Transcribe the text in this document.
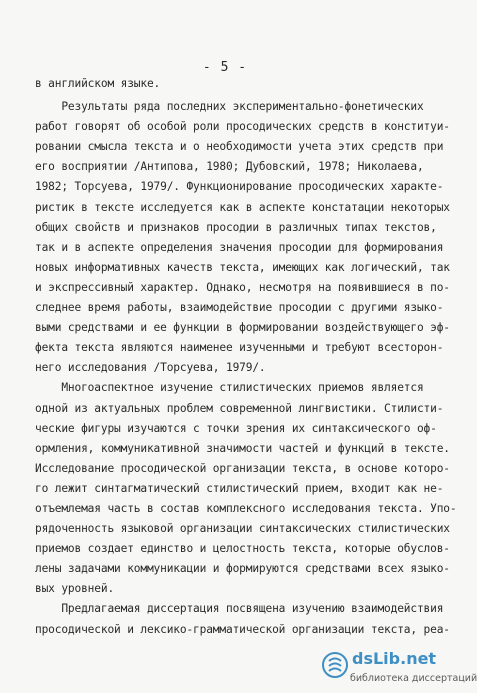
- 5 -
в английском языке.
Результаты ряда последних экспериментально-фонетических
работ говорят об особой роли просодических средств в конституи-
ровании смысла текста и о необходимости учета этих средств при
его восприятии /Антипова, 1980; Дубовский, 1978; Николаева,
1982; Торсуева, 1979/. Функционирование просодических характе-
ристик в тексте исследуется как в аспекте констатации некоторых
общих свойств и признаков просодии в различных типах текстов,
так и в аспекте определения значения просодии для формирования
новых информативных качеств текста, имеющих как логический, так
и экспрессивный характер. Однако, несмотря на появившиеся в по-
следнее время работы, взаимодействие просодии с другими языко-
выми средствами и ее функции в формировании воздействующего эф-
фекта текста являются наименее изученными и требуют всесторон-
него исследования /Торсуева, 1979/.
Многоаспектное изучение стилистических приемов является
одной из актуальных проблем современной лингвистики. Стилисти-
ческие фигуры изучаются с точки зрения их синтаксического оф-
ормления, коммуникативной значимости частей и функций в тексте.
Исследование просодической организации текста, в основе которо-
го лежит синтагматический стилистический прием, входит как не-
отъемлемая часть в состав комплексного исследования текста. Упо-
рядоченность языковой организации синтаксических стилистических
приемов создает единство и целостность текста, которые обуслов-
лены задачами коммуникации и формируются средствами всех языко-
вых уровней.
Предлагаемая диссертация посвящена изучению взаимодействия
просодической и лексико-грамматической организации текста, реа-
dsLib.net
библиотека диссертаций
